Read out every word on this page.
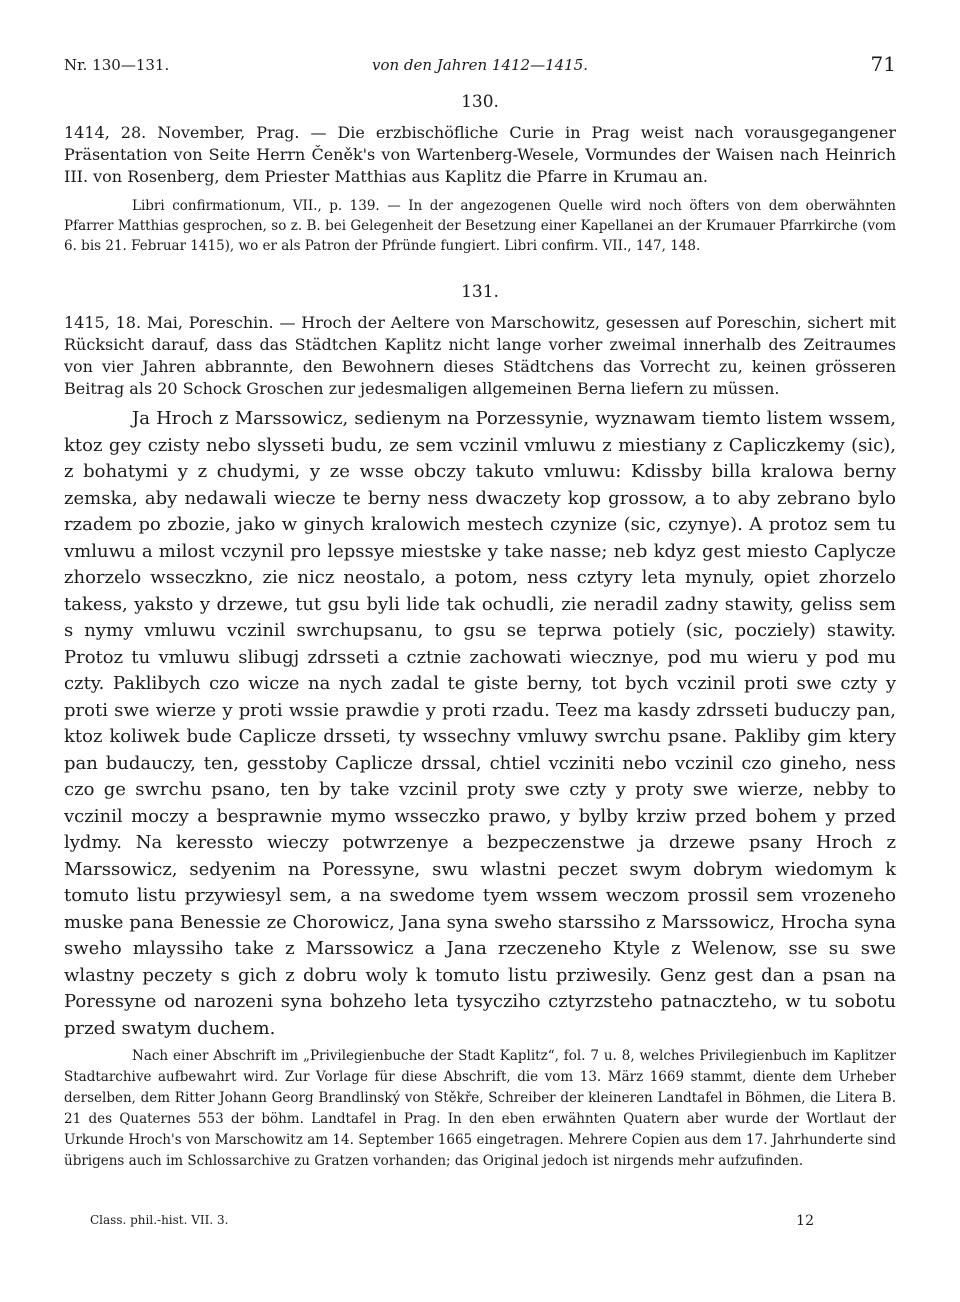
Nr. 130—131.	von den Jahren 1412—1415.	71
130.
1414, 28. November, Prag. — Die erzbischöfliche Curie in Prag weist nach vorausgegangener Präsentation von Seite Herrn Čeněk's von Wartenberg-Wesele, Vormundes der Waisen nach Heinrich III. von Rosenberg, dem Priester Matthias aus Kaplitz die Pfarre in Krumau an.

Libri confirmationum, VII., p. 139. — In der angezogenen Quelle wird noch öfters von dem oberwähnten Pfarrer Matthias gesprochen, so z. B. bei Gelegenheit der Besetzung einer Kapellanei an der Krumauer Pfarrkirche (vom 6. bis 21. Februar 1415), wo er als Patron der Pfründe fungiert. Libri confirm. VII., 147, 148.

131.
1415, 18. Mai, Poreschin. — Hroch der Aeltere von Marschowitz, gesessen auf Poreschin, sichert mit Rücksicht darauf, dass das Städtchen Kaplitz nicht lange vorher zweimal innerhalb des Zeitraumes von vier Jahren abbrannte, den Bewohnern dieses Städtchens das Vorrecht zu, keinen grösseren Beitrag als 20 Schock Groschen zur jedesmaligen allgemeinen Berna liefern zu müssen.

Ja Hroch z Marssowicz, sedienym na Porzessynie, wyznawam tiemto listem wssem, ktoz gey czisty nebo slysseti budu, ze sem vczinil vmluwu z miestiany z Capliczkemy (sic), z bohatymi y z chudymi, y ze wsse obczy takuto vmluwu: Kdissby billa kralowa berny zemska, aby nedawali wiecze te berny ness dwaczety kop grossow, a to aby zebrano bylo rzadem po zbozie, jako w ginych kralowich mestech czynize (sic, czynye). A protoz sem tu vmluwu a milost vczynil pro lepssye miestske y take nasse; neb kdyz gest miesto Caplycze zhorzelo wsseczkno, zie nicz neostalo, a potom, ness cztyry leta mynuly, opiet zhorzelo takess, yaksto y drzewe, tut gsu byli lide tak ochudli, zie neradil zadny stawity, geliss sem s nymy vmluwu vczinil swrchupsanu, to gsu se teprwa potiely (sic, pocziely) stawity. Protoz tu vmluwu slibugj zdrsseti a cztnie zachowati wiecznye, pod mu wieru y pod mu czty. Paklibych czo wicze na nych zadal te giste berny, tot bych vczinil proti swe czty y proti swe wierze y proti wssie prawdie y proti rzadu. Teez ma kasdy zdrsseti buduczy pan, ktoz koliwek bude Caplicze drsseti, ty wssechny vmluwy swrchu psane. Pakliby gim ktery pan budauczy, ten, gesstoby Caplicze drssal, chtiel vcziniti nebo vczinil czo gineho, ness czo ge swrchu psano, ten by take vzcinil proty swe czty y proty swe wierze, nebby to vczinil moczy a besprawnie mymo wsseczko prawo, y bylby krziw przed bohem y przed lydmy. Na keressto wieczy potwrzenye a bezpeczenstwe ja drzewe psany Hroch z Marssowicz, sedyenim na Poressyne, swu wlastni peczet swym dobrym wiedomym k tomuto listu przywiesyl sem, a na swedome tyem wssem weczom prossil sem vrozeneho muske pana Benessie ze Chorowicz, Jana syna sweho starssiho z Marssowicz, Hrocha syna sweho mlayssiho take z Marssowicz a Jana rzeczeneho Ktyle z Welenow, sse su swe wlastny peczety s gich z dobru woly k tomuto listu prziwesily. Genz gest dan a psan na Poressyne od narozeni syna bohzeho leta tysycziho cztyrzsteho patnaczteho, w tu sobotu przed swatym duchem.

Nach einer Abschrift im „Privilegienbuche der Stadt Kaplitz“, fol. 7 u. 8, welches Privilegienbuch im Kaplitzer Stadtarchive aufbewahrt wird. Zur Vorlage für diese Abschrift, die vom 13. März 1669 stammt, diente dem Urheber derselben, dem Ritter Johann Georg Brandlinský von Stěkře, Schreiber der kleineren Landtafel in Böhmen, die Litera B. 21 des Quaternes 553 der böhm. Landtafel in Prag. In den eben erwähnten Quatern aber wurde der Wortlaut der Urkunde Hroch's von Marschowitz am 14. September 1665 eingetragen. Mehrere Copien aus dem 17. Jahrhunderte sind übrigens auch im Schlossarchive zu Gratzen vorhanden; das Original jedoch ist nirgends mehr aufzufinden.

Class. phil.-hist. VII. 3.	12
